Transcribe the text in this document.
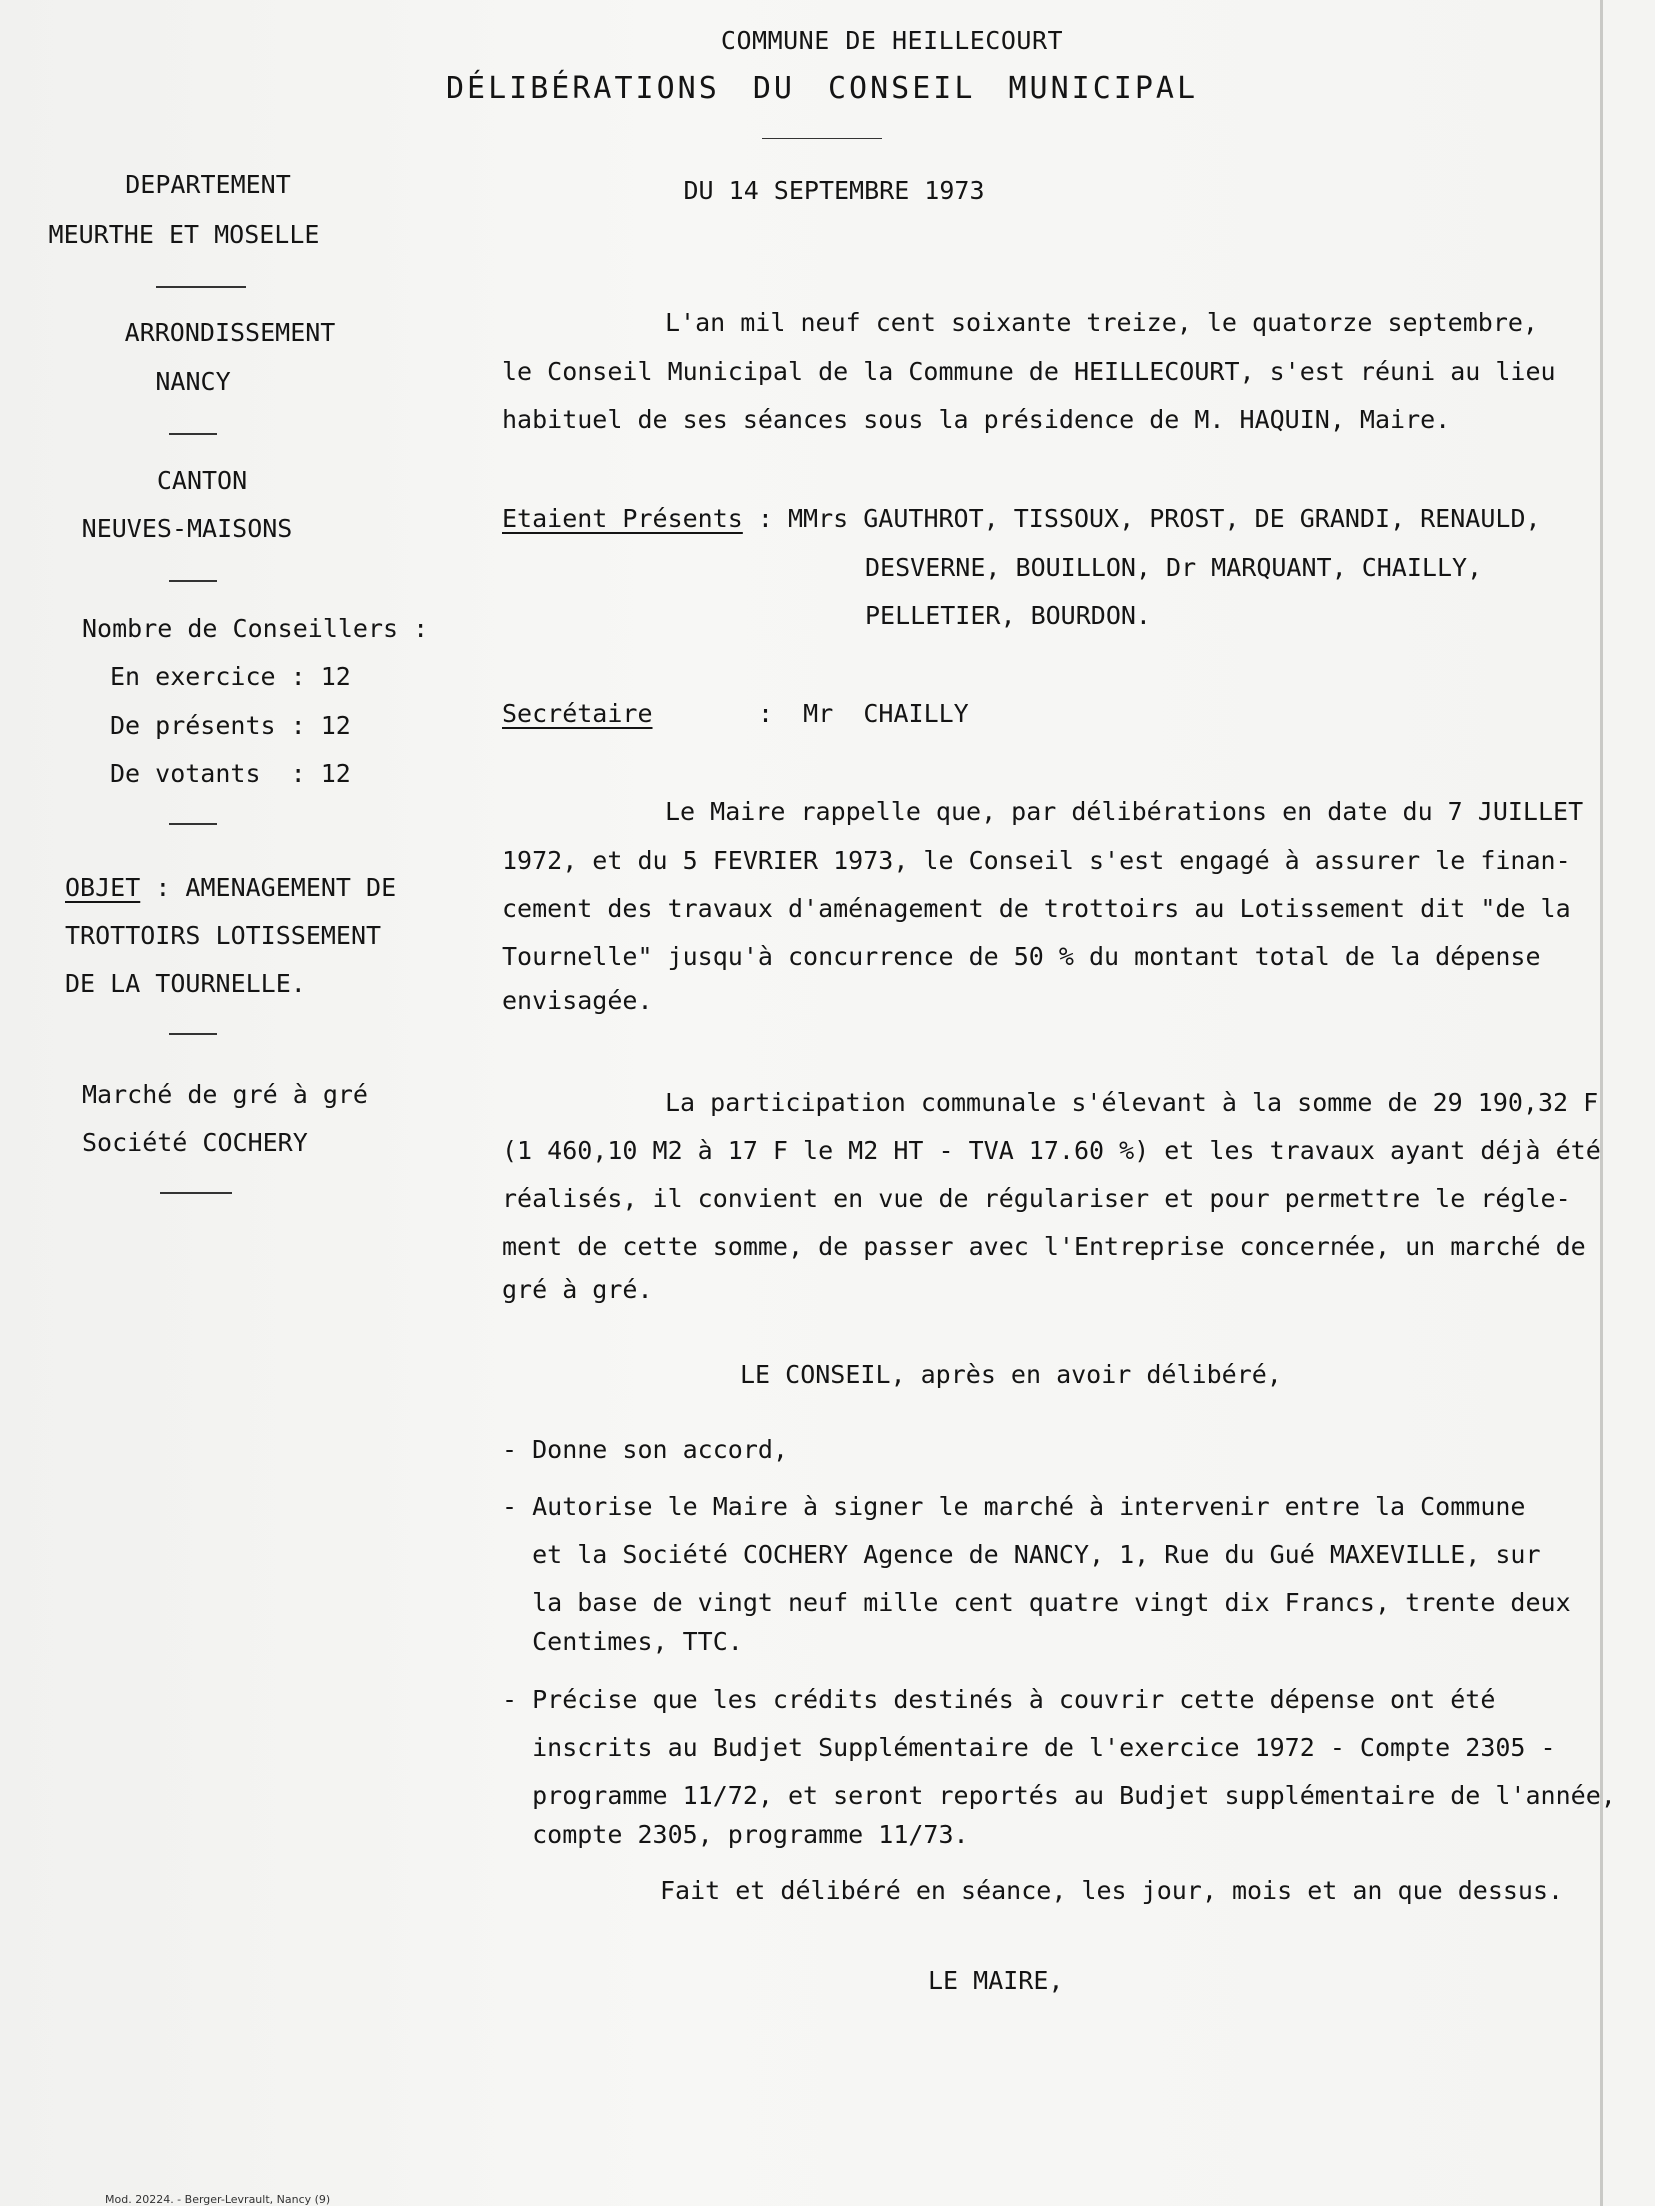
COMMUNE DE HEILLECOURT
DÉLIBÉRATIONS DU CONSEIL MUNICIPAL
DU 14 SEPTEMBRE 1973
DEPARTEMENT
MEURTHE ET MOSELLE
ARRONDISSEMENT
NANCY
CANTON
NEUVES-MAISONS
Nombre de Conseillers :
En exercice : 12
De présents : 12
De votants  : 12
OBJET : AMENAGEMENT DE
TROTTOIRS LOTISSEMENT
DE LA TOURNELLE.
Marché de gré à gré
Société COCHERY
L'an mil neuf cent soixante treize, le quatorze septembre,
le Conseil Municipal de la Commune de HEILLECOURT, s'est réuni au lieu
habituel de ses séances sous la présidence de M. HAQUIN, Maire.
Etaient Présents : MMrs GAUTHROT, TISSOUX, PROST, DE GRANDI, RENAULD,
DESVERNE, BOUILLON, Dr MARQUANT, CHAILLY,
PELLETIER, BOURDON.
Secrétaire	:  Mr  CHAILLY
Le Maire rappelle que, par délibérations en date du 7 JUILLET
1972, et du 5 FEVRIER 1973, le Conseil s'est engagé à assurer le finan-
cement des travaux d'aménagement de trottoirs au Lotissement dit "de la
Tournelle" jusqu'à concurrence de 50 % du montant total de la dépense
envisagée.
La participation communale s'élevant à la somme de 29 190,32 F
(1 460,10 M2 à 17 F le M2 HT - TVA 17.60 %) et les travaux ayant déjà été
réalisés, il convient en vue de régulariser et pour permettre le régle-
ment de cette somme, de passer avec l'Entreprise concernée, un marché de
gré à gré.
LE CONSEIL, après en avoir délibéré,
- Donne son accord,
- Autorise le Maire à signer le marché à intervenir entre la Commune
et la Société COCHERY Agence de NANCY, 1, Rue du Gué MAXEVILLE, sur
la base de vingt neuf mille cent quatre vingt dix Francs, trente deux
Centimes, TTC.
- Précise que les crédits destinés à couvrir cette dépense ont été
inscrits au Budjet Supplémentaire de l'exercice 1972 - Compte 2305 -
programme 11/72, et seront reportés au Budjet supplémentaire de l'année,
compte 2305, programme 11/73.
Fait et délibéré en séance, les jour, mois et an que dessus.
LE MAIRE,
Mod. 20224. - Berger-Levrault, Nancy (9)
